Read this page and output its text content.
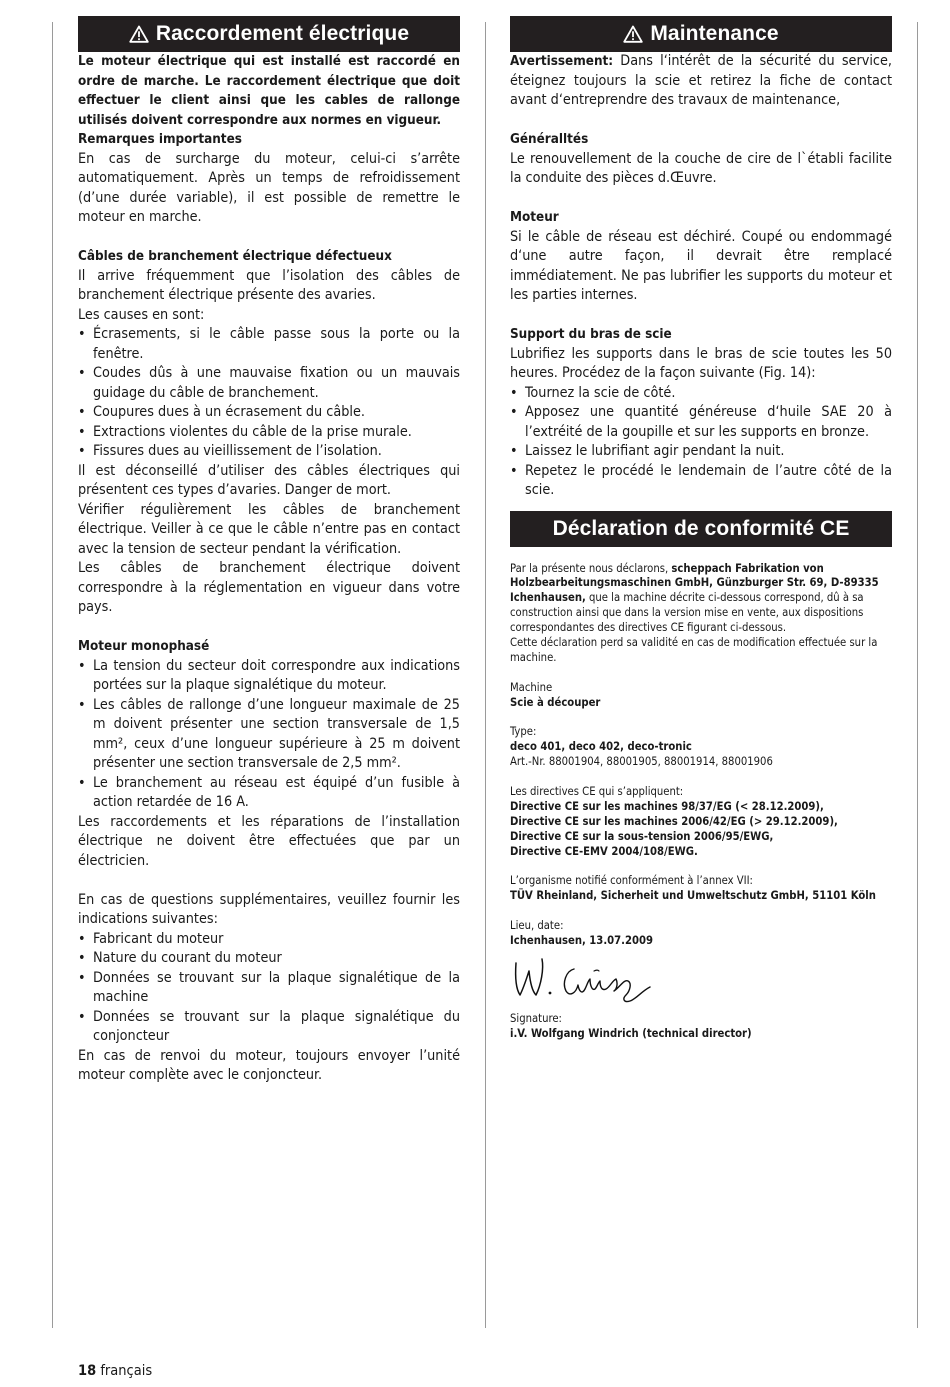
Raccordement électrique

Le moteur électrique qui est installé est raccordé en ordre de marche. Le raccordement électrique que doit effectuer le client ainsi que les cables de rallonge utilisés doivent correspondre aux normes en vigueur.

Remarques importantes

En cas de surcharge du moteur, celui-ci s’arrête automatiquement. Après un temps de refroidissement (d’une durée variable), il est possible de remettre le moteur en marche.

Câbles de branchement électrique défectueux

Il arrive fréquemment que l’isolation des câbles de branchement électrique présente des avaries.

Les causes en sont:

• Écrasements, si le câble passe sous la porte ou la fenêtre.
• Coudes dûs à une mauvaise fixation ou un mauvais guidage du câble de branchement.
• Coupures dues à un écrasement du câble.
• Extractions violentes du câble de la prise murale.
• Fissures dues au vieillissement de l’isolation.

Il est déconseillé d’utiliser des câbles électriques qui présentent ces types d’avaries. Danger de mort.

Vérifier régulièrement les câbles de branchement électrique. Veiller à ce que le câble n’entre pas en contact avec la tension de secteur pendant la vérification.

Les câbles de branchement électrique doivent correspondre à la réglementation en vigueur dans votre pays.

Moteur monophasé

• La tension du secteur doit correspondre aux indications portées sur la plaque signalétique du moteur.
• Les câbles de rallonge d’une longueur maximale de 25 m doivent présenter une section transversale de 1,5 mm², ceux d’une longueur supérieure à 25 m doivent présenter une section transversale de 2,5 mm².
• Le branchement au réseau est équipé d’un fusible à action retardée de 16 A.

Les raccordements et les réparations de l’installation électrique ne doivent être effectuées que par un électricien.

En cas de questions supplémentaires, veuillez fournir les indications suivantes:

• Fabricant du moteur
• Nature du courant du moteur
• Données se trouvant sur la plaque signalétique de la machine
• Données se trouvant sur la plaque signalétique du conjoncteur

En cas de renvoi du moteur, toujours envoyer l’unité moteur complète avec le conjoncteur.

Maintenance

Avertissement: Dans l‘intérêt de la sécurité du service, éteignez toujours la scie et retirez la fiche de contact avant d‘entreprendre des travaux de maintenance,

Généralltés

Le renouvellement de la couche de cire de l`établi facilite la conduite des pièces d.Œuvre.

Moteur

Si le câble de réseau est déchiré. Coupé ou endommagé d‘une autre façon, il devrait être remplacé immédiatement. Ne pas lubrifier les supports du moteur et les parties internes.

Support du bras de scie

Lubrifiez les supports dans le bras de scie toutes les 50 heures. Procédez de la façon suivante (Fig. 14):

• Tournez la scie de côté.
• Apposez une quantité généreuse d‘huile SAE 20 à l’extréité de la goupille et sur les supports en bronze.
• Laissez le lubrifiant agir pendant la nuit.
• Repetez le procédé le lendemain de l’autre côté de la scie.
Déclaration de conformité CE

Par la présente nous déclarons, scheppach Fabrikation von Holzbearbeitungsmaschinen GmbH, Günzburger Str. 69, D-89335 Ichenhausen, que la machine décrite ci-dessous correspond, dû à sa construction ainsi que dans la version mise en vente, aux dispositions correspondantes des directives CE figurant ci-dessous.

Cette déclaration perd sa validité en cas de modification effectuée sur la machine.

Machine

Scie à découper

Type:

deco 401, deco 402, deco-tronic

Art.-Nr. 88001904, 88001905, 88001914, 88001906

Les directives CE qui s’appliquent:

Directive CE sur les machines 98/37/EG (< 28.12.2009),

Directive CE sur les machines 2006/42/EG (> 29.12.2009),

Directive CE sur la sous-tension 2006/95/EWG,

Directive CE-EMV 2004/108/EWG.

L’organisme notifié conformément à l’annex VII:

TÜV Rheinland, Sicherheit und Umweltschutz GmbH, 51101 Köln

Lieu, date:

Ichenhausen, 13.07.2009

Signature:

i.V. Wolfgang Windrich (technical director)

18 français
